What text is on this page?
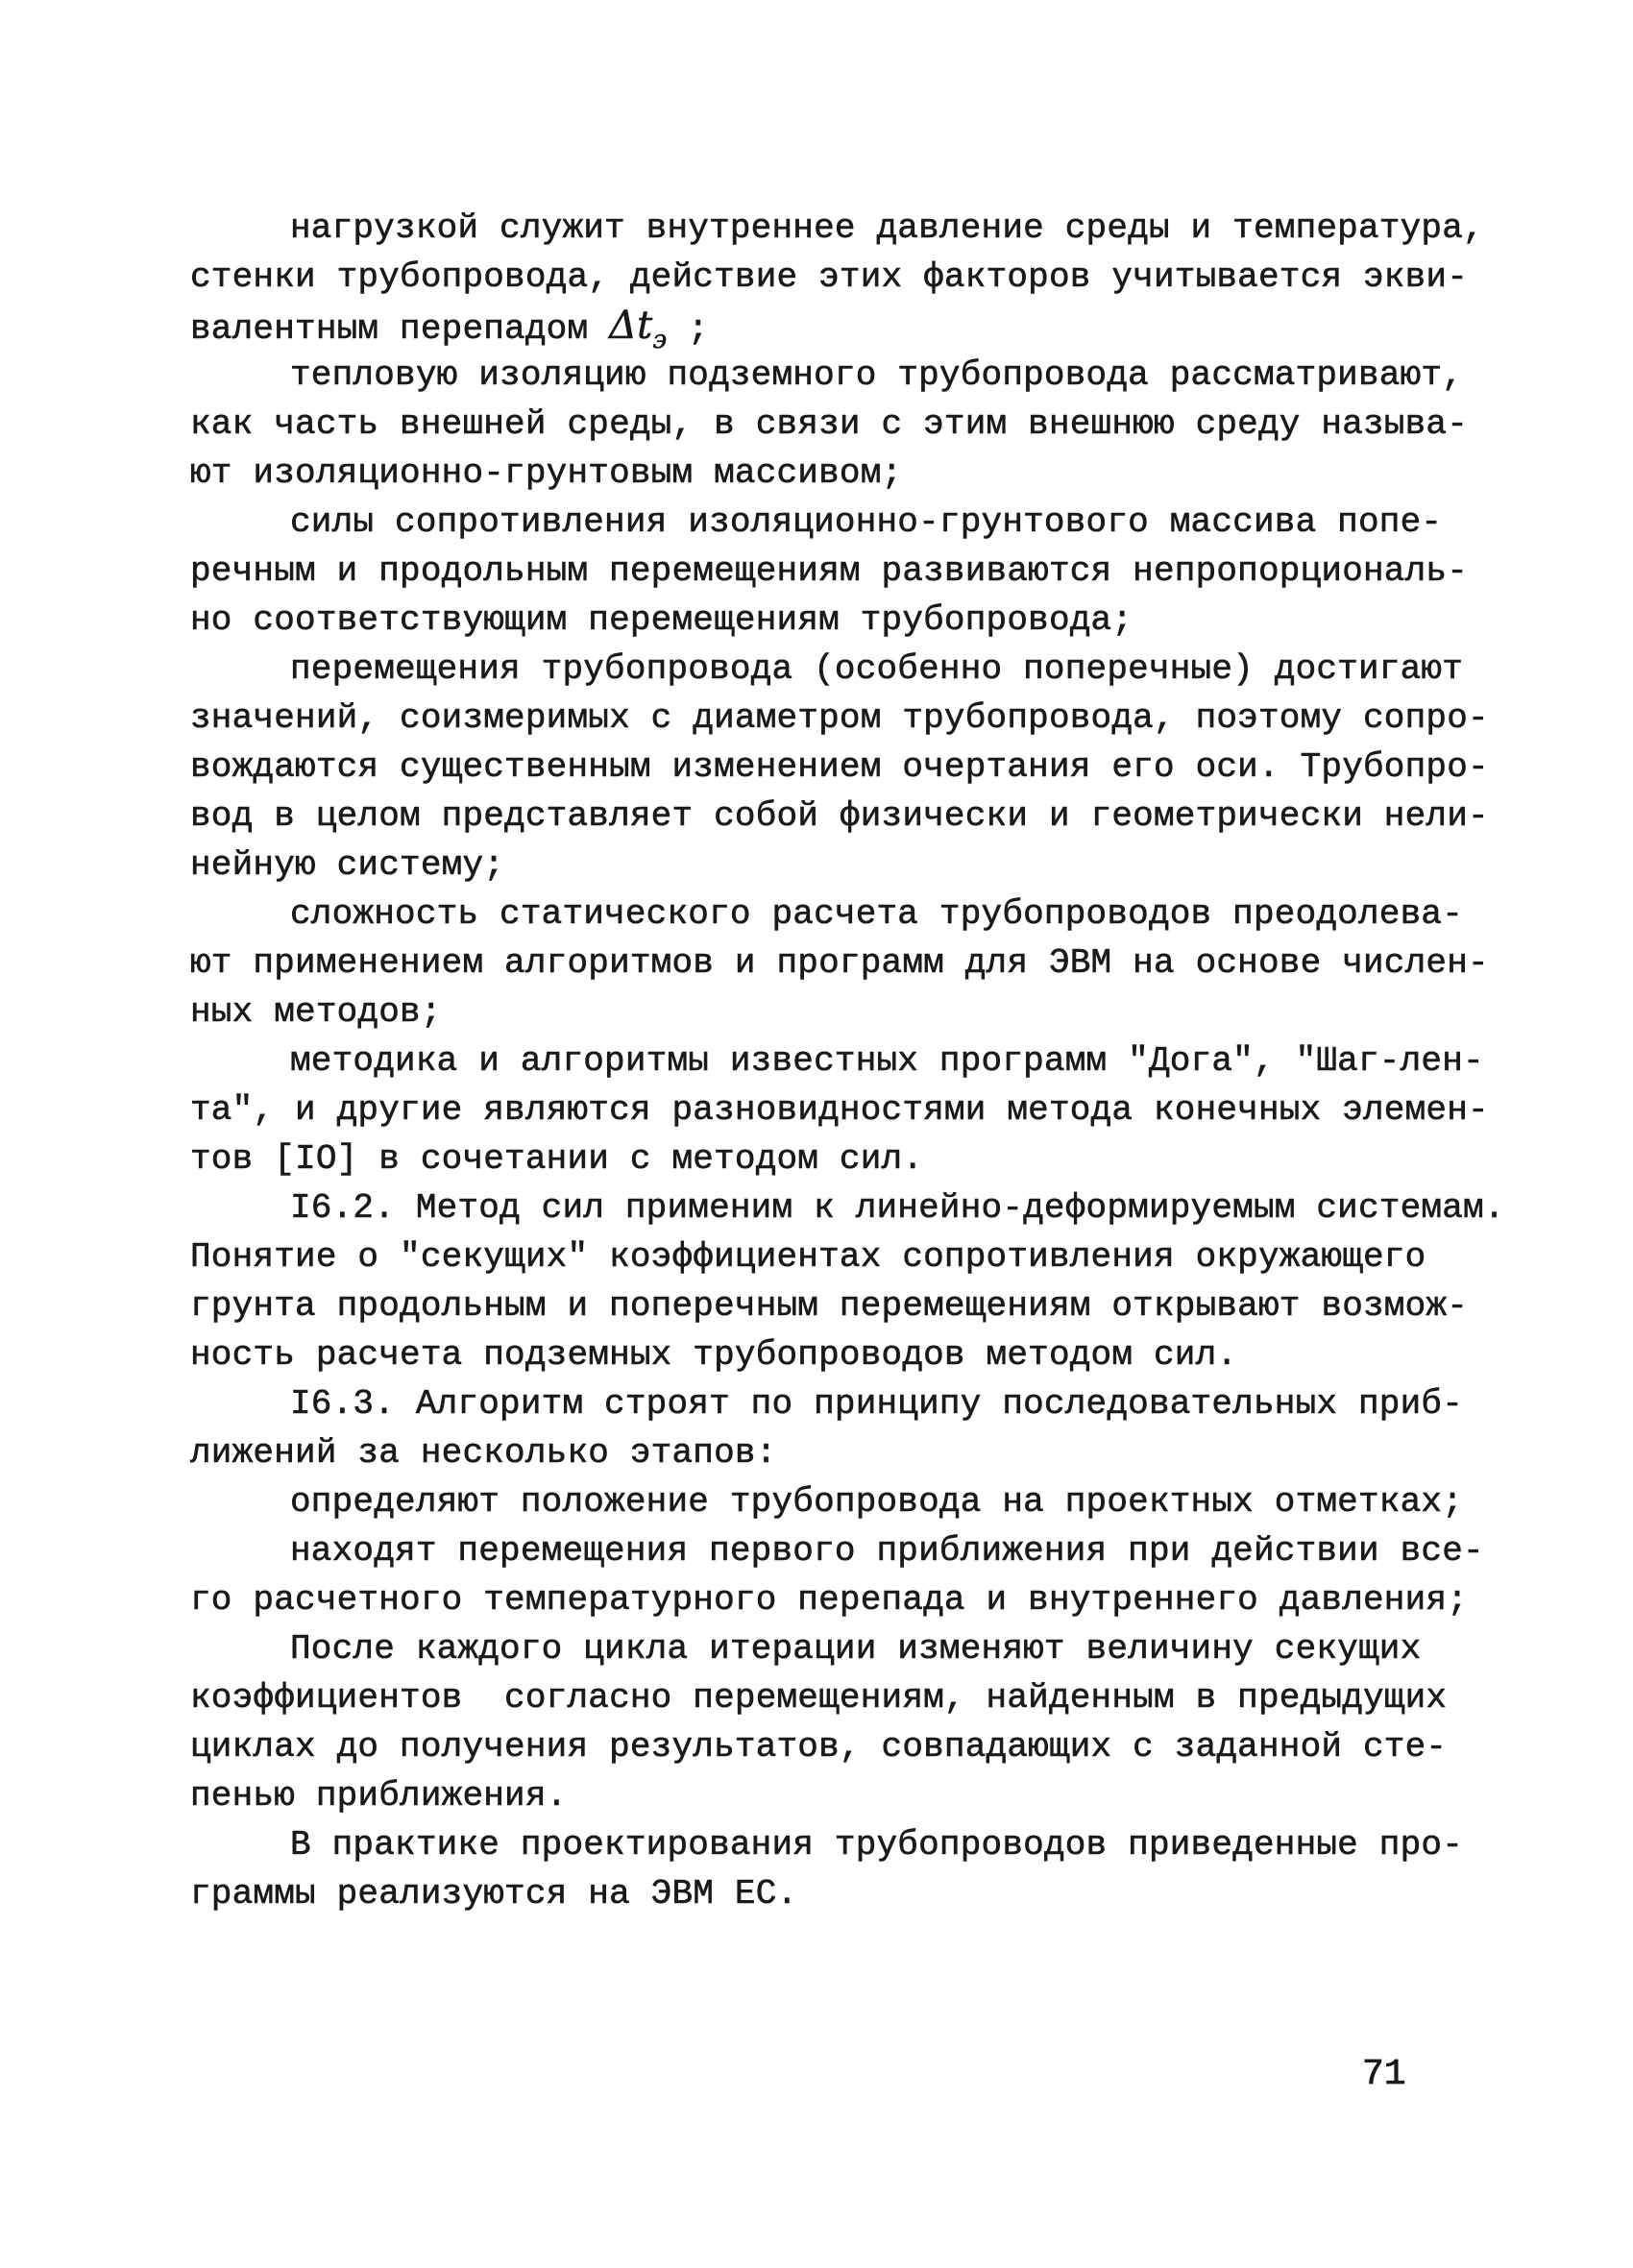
нагрузкой служит внутреннее давление среды и температура,
стенки трубопровода, действие этих факторов учитывается экви-
валентным перепадом $\Delta t_э$ ;
тепловую изоляцию подземного трубопровода рассматривают,
как часть внешней среды, в связи с этим внешнюю среду называ-
ют изоляционно-грунтовым массивом;
силы сопротивления изоляционно-грунтового массива попе-
речным и продольным перемещениям развиваются непропорциональ-
но соответствующим перемещениям трубопровода;
перемещения трубопровода (особенно поперечные) достигают
значений, соизмеримых с диаметром трубопровода, поэтому сопро-
вождаются существенным изменением очертания его оси. Трубопро-
вод в целом представляет собой физически и геометрически нели-
нейную систему;
сложность статического расчета трубопроводов преодолева-
ют применением алгоритмов и программ для ЭВМ на основе числен-
ных методов;
методика и алгоритмы известных программ "Дога", "Шаг-лен-
та", и другие являются разновидностями метода конечных элемен-
тов [IO] в сочетании с методом сил.
I6.2. Метод сил применим к линейно-деформируемым системам.
Понятие о "секущих" коэффициентах сопротивления окружающего
грунта продольным и поперечным перемещениям открывают возмож-
ность расчета подземных трубопроводов методом сил.
I6.3. Алгоритм строят по принципу последовательных приб-
лижений за несколько этапов:
определяют положение трубопровода на проектных отметках;
находят перемещения первого приближения при действии все-
го расчетного температурного перепада и внутреннего давления;
После каждого цикла итерации изменяют величину секущих
коэффициентов  согласно перемещениям, найденным в предыдущих
циклах до получения результатов, совпадающих с заданной сте-
пенью приближения.
В практике проектирования трубопроводов приведенные про-
граммы реализуются на ЭВМ ЕС.
71
